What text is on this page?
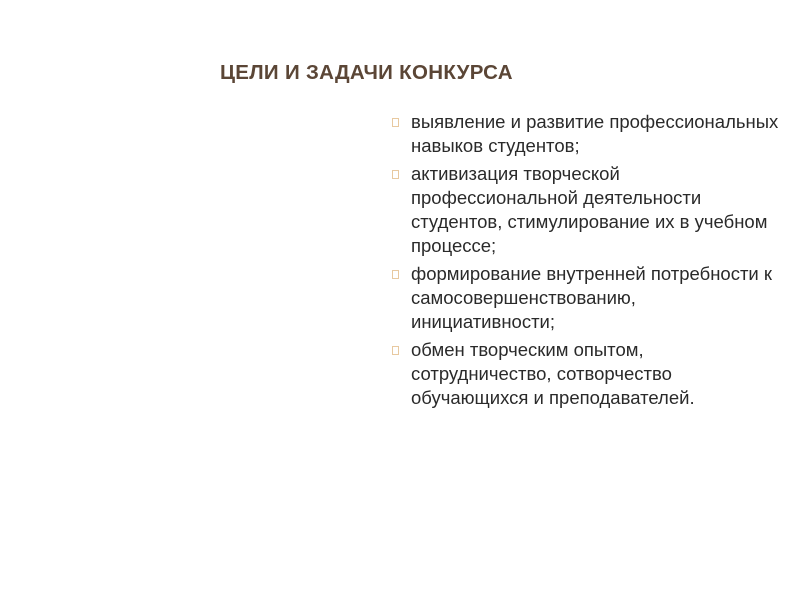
ЦЕЛИ И ЗАДАЧИ КОНКУРСА
выявление и развитие профессиональных навыков студентов;
активизация творческой профессиональной деятельности студентов, стимулирование их в учебном процессе;
формирование внутренней потребности к самосовершенствованию, инициативности;
обмен творческим опытом, сотрудничество, сотворчество обучающихся и преподавателей.
